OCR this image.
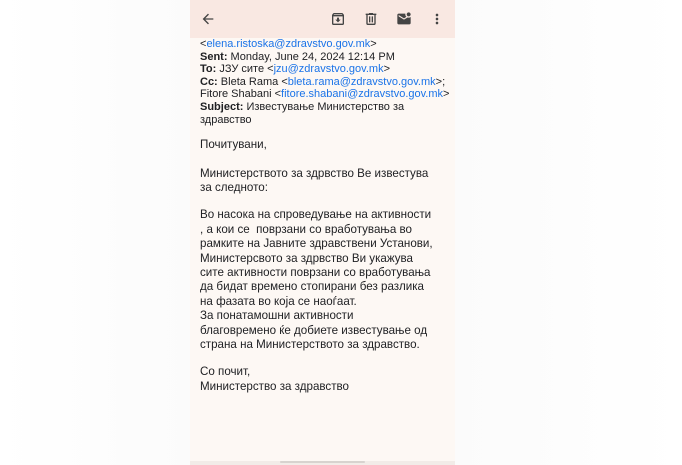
<elena.ristoska@zdravstvo.gov.mk>
Sent: Monday, June 24, 2024 12:14 PM
To: ЈЗУ сите <jzu@zdravstvo.gov.mk>
Cc: Bleta Rama <bleta.rama@zdravstvo.gov.mk>;
Fitore Shabani <fitore.shabani@zdravstvo.gov.mk>
Subject: Известување Министерство за
здравство
Почитувани,
Министерството за здрвство Ве известува
за следното:
Во насока на спроведување на активности
, а кои се  поврзани со вработувања во
рамките на Јавните здравствени Установи,
Министерсвото за здрвство Ви укажува
сите активности поврзани со вработувања
да бидат времено стопирани без разлика
на фазата во која се наоѓаат.
За понатамошни активности
благовремено ќе добиете известување од
страна на Министерството за здравство.
Со почит,
Министерство за здравство
